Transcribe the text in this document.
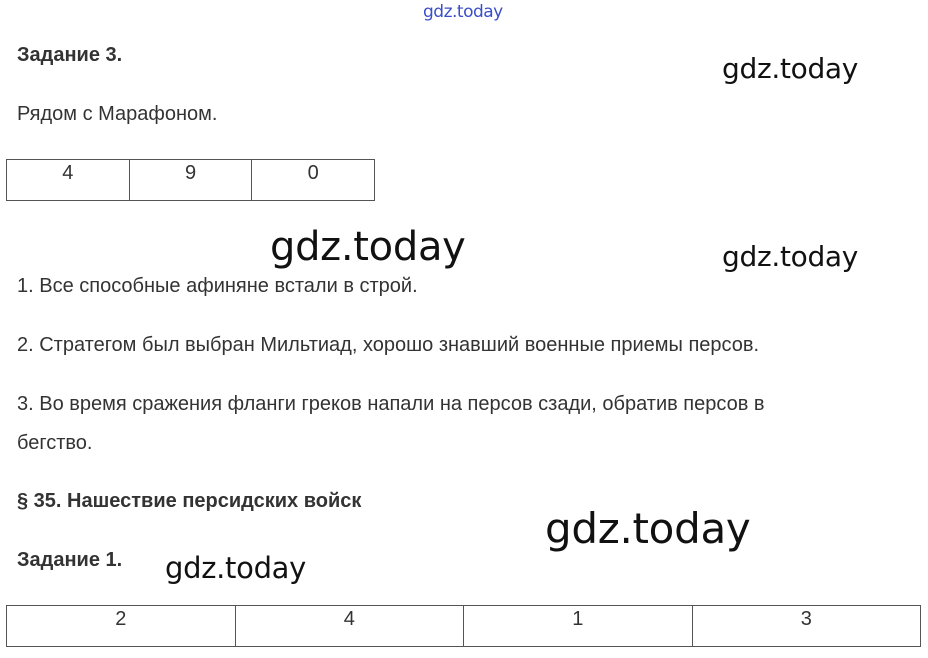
gdz.today
gdz.today
gdz.today	gdz.today
gdz.today
gdz.today
Задание 3.
Рядом с Марафоном.
4	9	0
1. Все способные афиняне встали в строй.
2. Стратегом был выбран Мильтиад, хорошо знавший военные приемы персов.
3. Во время сражения фланги греков напали на персов сзади, обратив персов в
бегство.
§ 35. Нашествие персидских войск
Задание 1.
2	4	1	3
